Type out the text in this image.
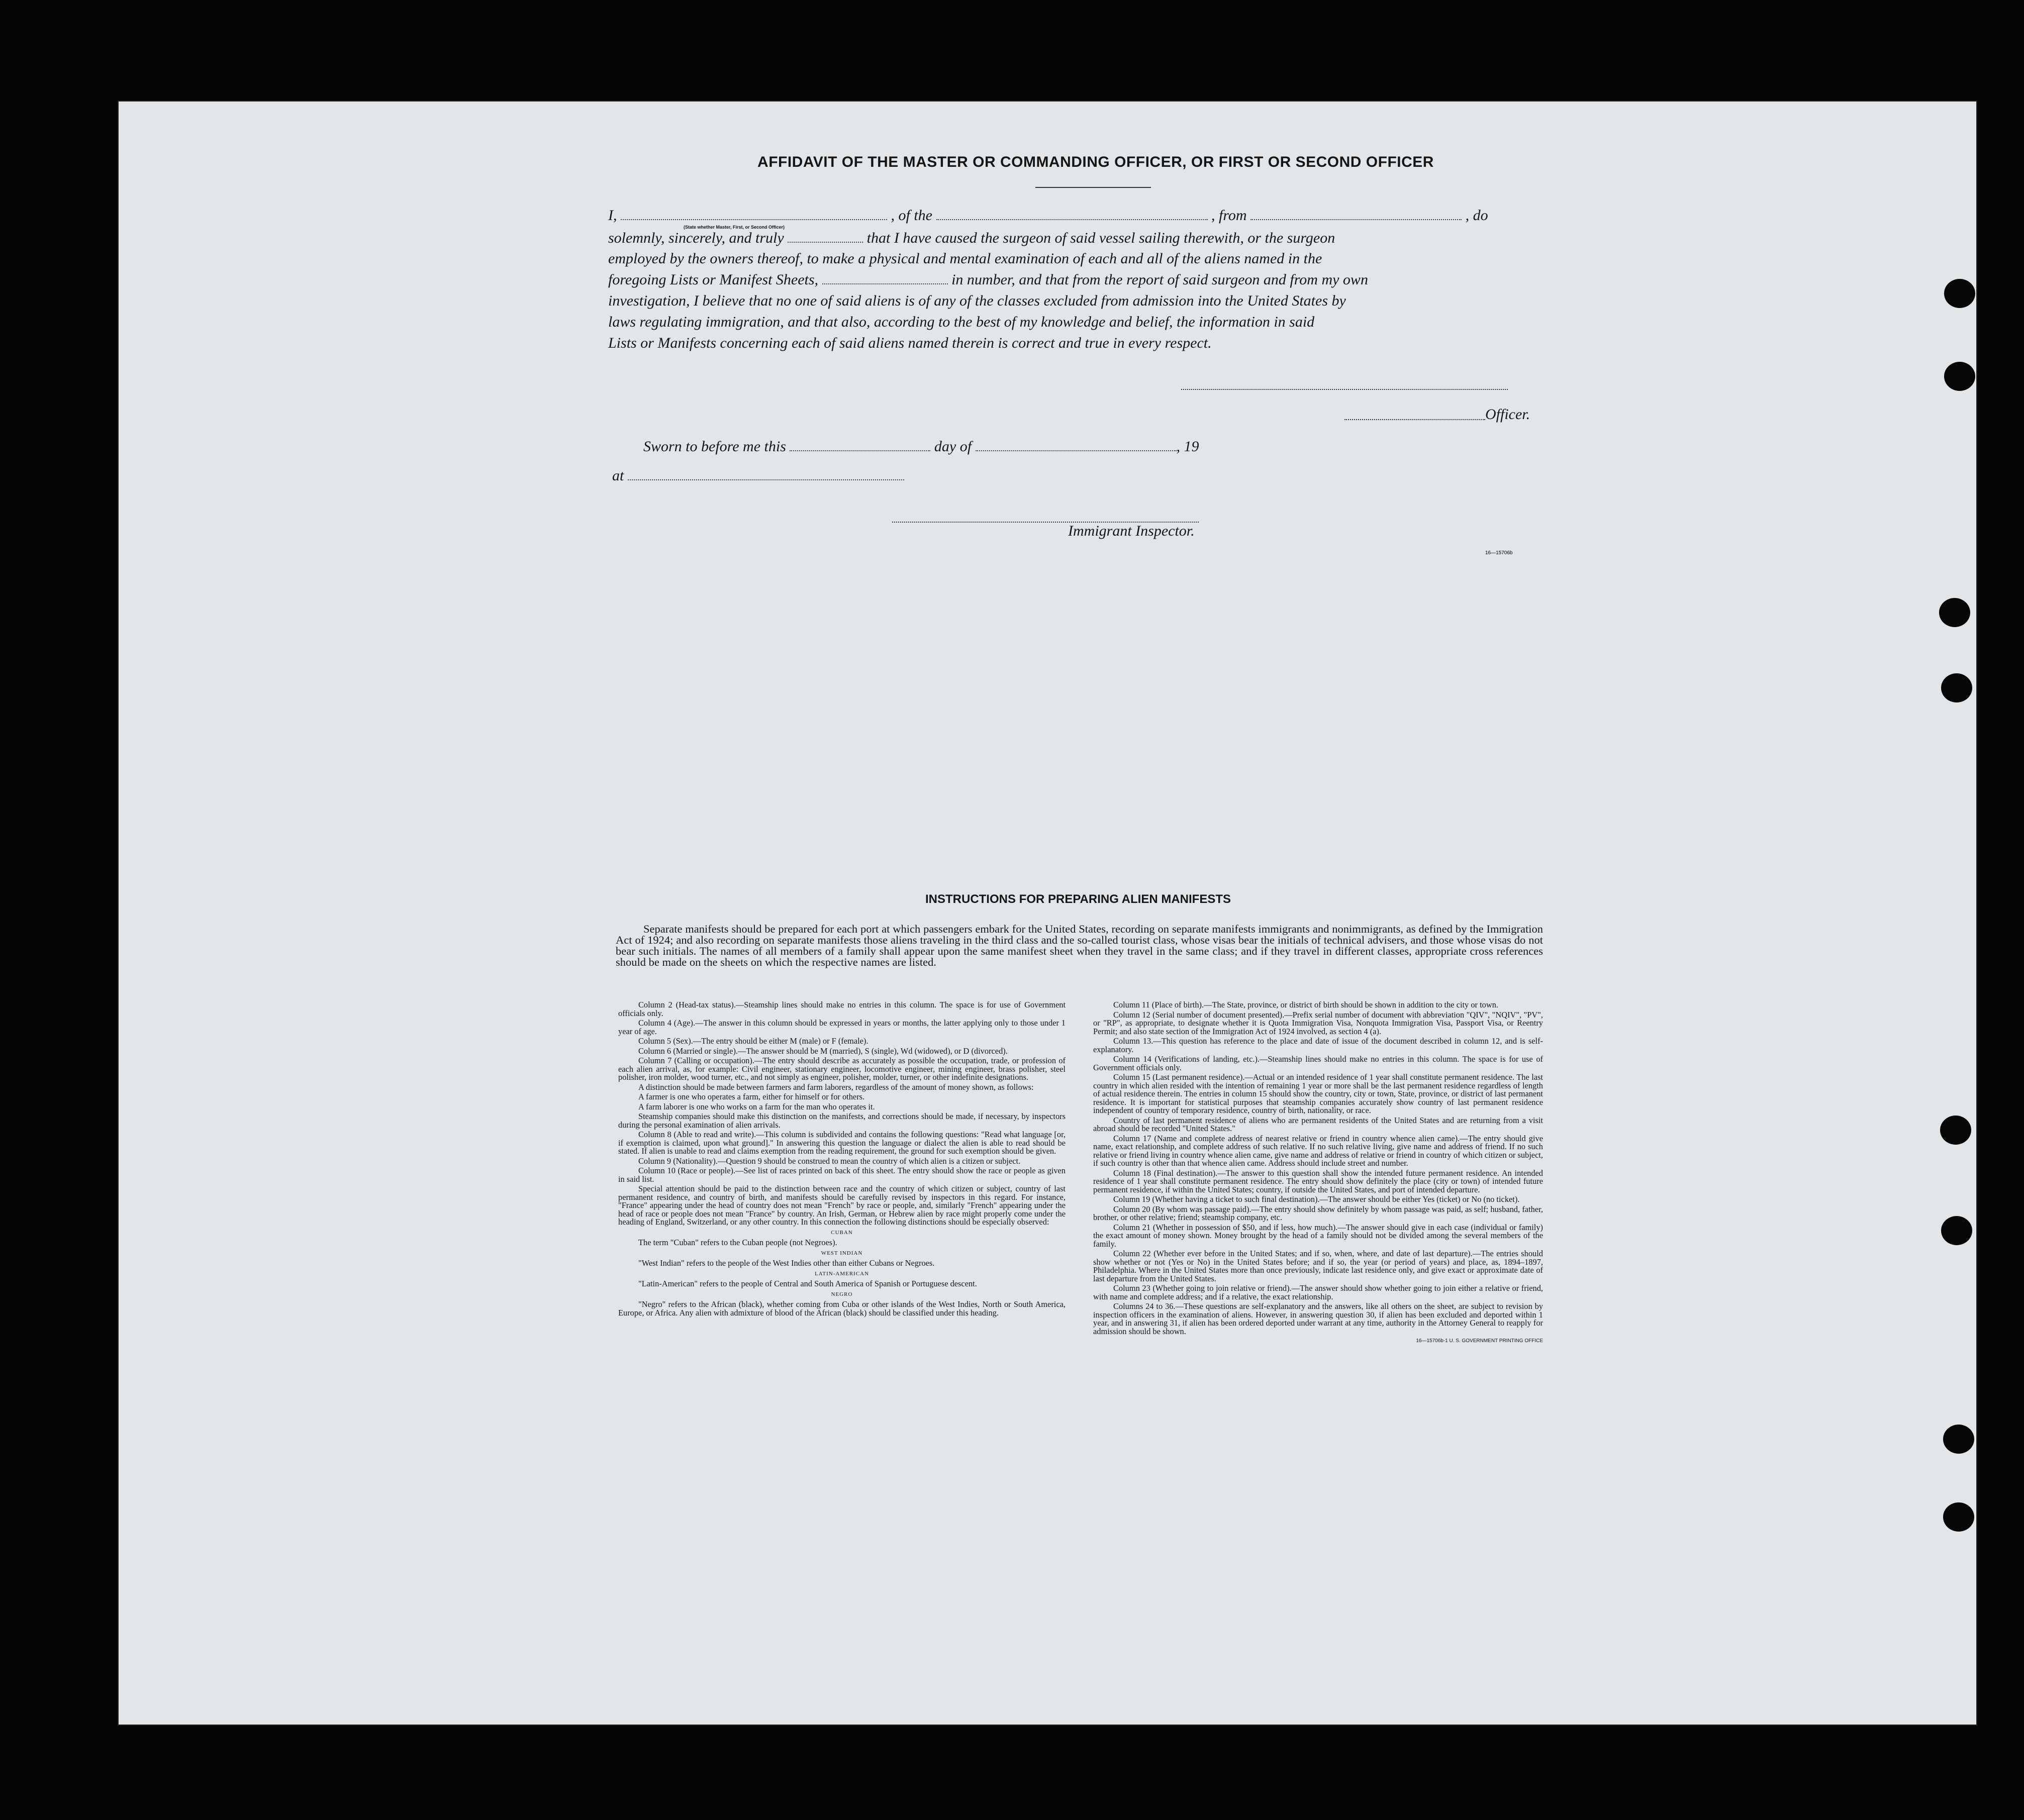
AFFIDAVIT OF THE MASTER OR COMMANDING OFFICER, OR FIRST OR SECOND OFFICER
I,	, of the	, from	, do
(State whether Master, First, or Second Officer)
solemnly, sincerely, and truly	that I have caused the surgeon of said vessel sailing therewith, or the surgeon
employed by the owners thereof, to make a physical and mental examination of each and all of the aliens named in the
foregoing Lists or Manifest Sheets,	in number, and that from the report of said surgeon and from my own
investigation, I believe that no one of said aliens is of any of the classes excluded from admission into the United States by
laws regulating immigration, and that also, according to the best of my knowledge and belief, the information in said
Lists or Manifests concerning each of said aliens named therein is correct and true in every respect.
Officer.
Sworn to before me this	day of	, 19
at
Immigrant Inspector.
16—15706b
INSTRUCTIONS FOR PREPARING ALIEN MANIFESTS
Separate manifests should be prepared for each port at which passengers embark for the United States, recording on separate manifests immigrants and nonimmigrants, as defined by the Immigration Act of 1924; and also recording on separate manifests those aliens traveling in the third class and the so-called tourist class, whose visas bear the initials of technical advisers, and those whose visas do not bear such initials. The names of all members of a family shall appear upon the same manifest sheet when they travel in the same class; and if they travel in different classes, appropriate cross references should be made on the sheets on which the respective names are listed.

Column 2 (Head-tax status).—Steamship lines should make no entries in this column. The space is for use of Government officials only.

Column 4 (Age).—The answer in this column should be expressed in years or months, the latter applying only to those under 1 year of age.

Column 5 (Sex).—The entry should be either M (male) or F (female).

Column 6 (Married or single).—The answer should be M (married), S (single), Wd (widowed), or D (divorced).

Column 7 (Calling or occupation).—The entry should describe as accurately as possible the occupation, trade, or profession of each alien arrival, as, for example: Civil engineer, stationary engineer, locomotive engineer, mining engineer, brass polisher, steel polisher, iron molder, wood turner, etc., and not simply as engineer, polisher, molder, turner, or other indefinite designations.

A distinction should be made between farmers and farm laborers, regardless of the amount of money shown, as follows:

A farmer is one who operates a farm, either for himself or for others.

A farm laborer is one who works on a farm for the man who operates it.

Steamship companies should make this distinction on the manifests, and corrections should be made, if necessary, by inspectors during the personal examination of alien arrivals.

Column 8 (Able to read and write).—This column is subdivided and contains the following questions: "Read what language [or, if exemption is claimed, upon what ground]." In answering this question the language or dialect the alien is able to read should be stated. If alien is unable to read and claims exemption from the reading requirement, the ground for such exemption should be given.

Column 9 (Nationality).—Question 9 should be construed to mean the country of which alien is a citizen or subject.

Column 10 (Race or people).—See list of races printed on back of this sheet. The entry should show the race or people as given in said list.

Special attention should be paid to the distinction between race and the country of which citizen or subject, country of last permanent residence, and country of birth, and manifests should be carefully revised by inspectors in this regard. For instance, "France" appearing under the head of country does not mean "French" by race or people, and, similarly "French" appearing under the head of race or people does not mean "France" by country. An Irish, German, or Hebrew alien by race might properly come under the heading of England, Switzerland, or any other country. In this connection the following distinctions should be especially observed:

CUBAN

The term "Cuban" refers to the Cuban people (not Negroes).

WEST INDIAN

"West Indian" refers to the people of the West Indies other than either Cubans or Negroes.

LATIN-AMERICAN

"Latin-American" refers to the people of Central and South America of Spanish or Portuguese descent.

NEGRO

"Negro" refers to the African (black), whether coming from Cuba or other islands of the West Indies, North or South America, Europe, or Africa. Any alien with admixture of blood of the African (black) should be classified under this heading.

Column 11 (Place of birth).—The State, province, or district of birth should be shown in addition to the city or town.

Column 12 (Serial number of document presented).—Prefix serial number of document with abbreviation "QIV", "NQIV", "PV", or "RP", as appropriate, to designate whether it is Quota Immigration Visa, Nonquota Immigration Visa, Passport Visa, or Reentry Permit; and also state section of the Immigration Act of 1924 involved, as section 4 (a).

Column 13.—This question has reference to the place and date of issue of the document described in column 12, and is self-explanatory.

Column 14 (Verifications of landing, etc.).—Steamship lines should make no entries in this column. The space is for use of Government officials only.

Column 15 (Last permanent residence).—Actual or an intended residence of 1 year shall constitute permanent residence. The last country in which alien resided with the intention of remaining 1 year or more shall be the last permanent residence regardless of length of actual residence therein. The entries in column 15 should show the country, city or town, State, province, or district of last permanent residence. It is important for statistical purposes that steamship companies accurately show country of last permanent residence independent of country of temporary residence, country of birth, nationality, or race.

Country of last permanent residence of aliens who are permanent residents of the United States and are returning from a visit abroad should be recorded "United States."

Column 17 (Name and complete address of nearest relative or friend in country whence alien came).—The entry should give name, exact relationship, and complete address of such relative. If no such relative living, give name and address of friend. If no such relative or friend living in country whence alien came, give name and address of relative or friend in country of which citizen or subject, if such country is other than that whence alien came. Address should include street and number.

Column 18 (Final destination).—The answer to this question shall show the intended future permanent residence. An intended residence of 1 year shall constitute permanent residence. The entry should show definitely the place (city or town) of intended future permanent residence, if within the United States; country, if outside the United States, and port of intended departure.

Column 19 (Whether having a ticket to such final destination).—The answer should be either Yes (ticket) or No (no ticket).

Column 20 (By whom was passage paid).—The entry should show definitely by whom passage was paid, as self; husband, father, brother, or other relative; friend; steamship company, etc.

Column 21 (Whether in possession of $50, and if less, how much).—The answer should give in each case (individual or family) the exact amount of money shown. Money brought by the head of a family should not be divided among the several members of the family.

Column 22 (Whether ever before in the United States; and if so, when, where, and date of last departure).—The entries should show whether or not (Yes or No) in the United States before; and if so, the year (or period of years) and place, as, 1894–1897, Philadelphia. Where in the United States more than once previously, indicate last residence only, and give exact or approximate date of last departure from the United States.

Column 23 (Whether going to join relative or friend).—The answer should show whether going to join either a relative or friend, with name and complete address; and if a relative, the exact relationship.

Columns 24 to 36.—These questions are self-explanatory and the answers, like all others on the sheet, are subject to revision by inspection officers in the examination of aliens. However, in answering question 30, if alien has been excluded and deported within 1 year, and in answering 31, if alien has been ordered deported under warrant at any time, authority in the Attorney General to reapply for admission should be shown.

16—15706b-1 U. S. GOVERNMENT PRINTING OFFICE
